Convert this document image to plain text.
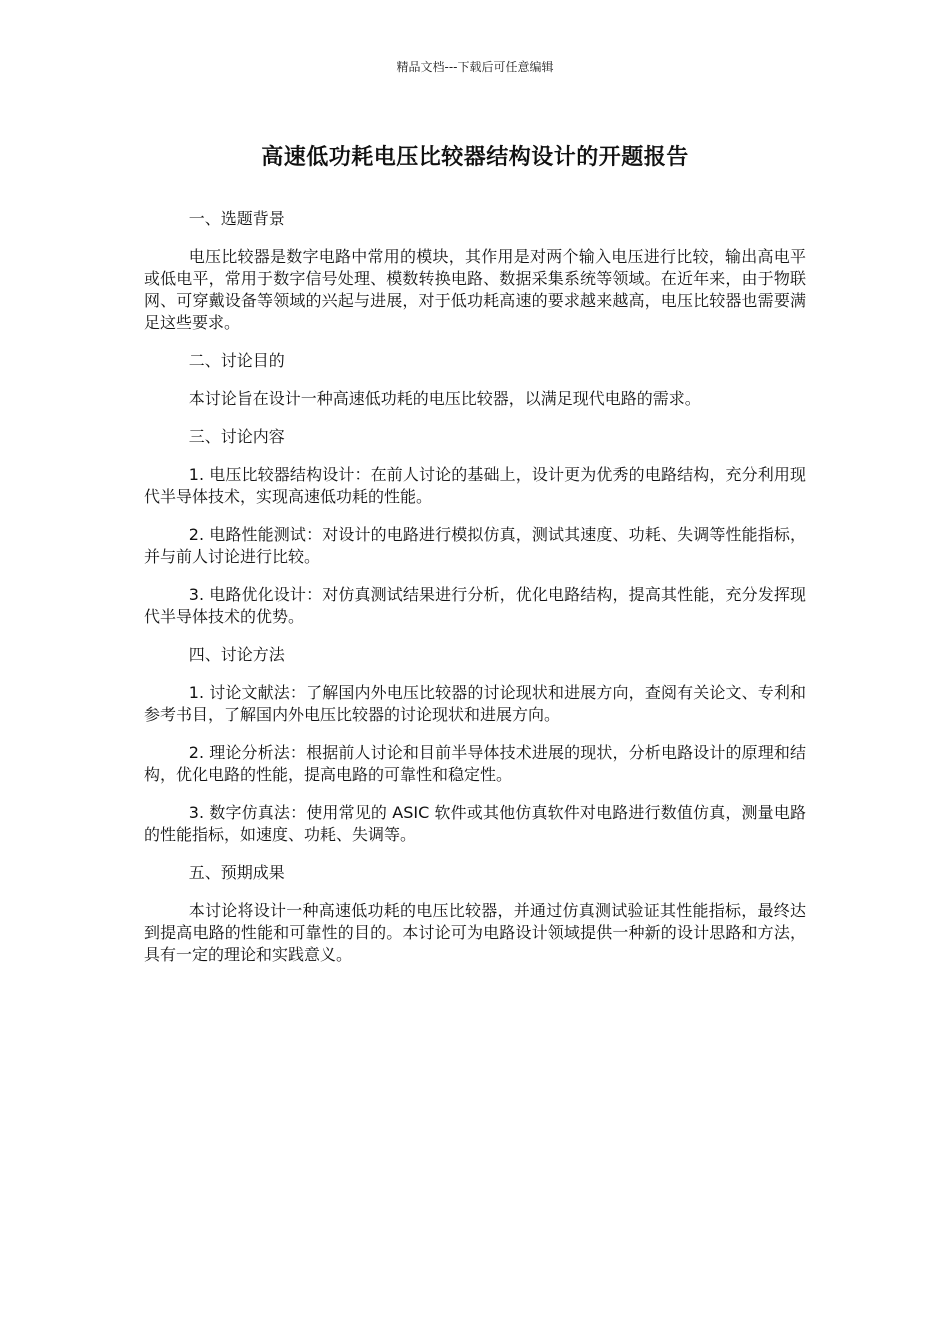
精品文档---下载后可任意编辑
高速低功耗电压比较器结构设计的开题报告

一、选题背景

电压比较器是数字电路中常用的模块，其作用是对两个输入电压进行比较，输出高电平或低电平，常用于数字信号处理、模数转换电路、数据采集系统等领域。在近年来，由于物联网、可穿戴设备等领域的兴起与进展，对于低功耗高速的要求越来越高，电压比较器也需要满足这些要求。

二、讨论目的

本讨论旨在设计一种高速低功耗的电压比较器，以满足现代电路的需求。

三、讨论内容

1. 电压比较器结构设计：在前人讨论的基础上，设计更为优秀的电路结构，充分利用现代半导体技术，实现高速低功耗的性能。

2. 电路性能测试：对设计的电路进行模拟仿真，测试其速度、功耗、失调等性能指标，并与前人讨论进行比较。

3. 电路优化设计：对仿真测试结果进行分析，优化电路结构，提高其性能，充分发挥现代半导体技术的优势。

四、讨论方法

1. 讨论文献法：了解国内外电压比较器的讨论现状和进展方向，查阅有关论文、专利和参考书目，了解国内外电压比较器的讨论现状和进展方向。

2. 理论分析法：根据前人讨论和目前半导体技术进展的现状，分析电路设计的原理和结构，优化电路的性能，提高电路的可靠性和稳定性。

3. 数字仿真法：使用常见的 ASIC 软件或其他仿真软件对电路进行数值仿真，测量电路的性能指标，如速度、功耗、失调等。

五、预期成果

本讨论将设计一种高速低功耗的电压比较器，并通过仿真测试验证其性能指标，最终达到提高电路的性能和可靠性的目的。本讨论可为电路设计领域提供一种新的设计思路和方法，具有一定的理论和实践意义。
